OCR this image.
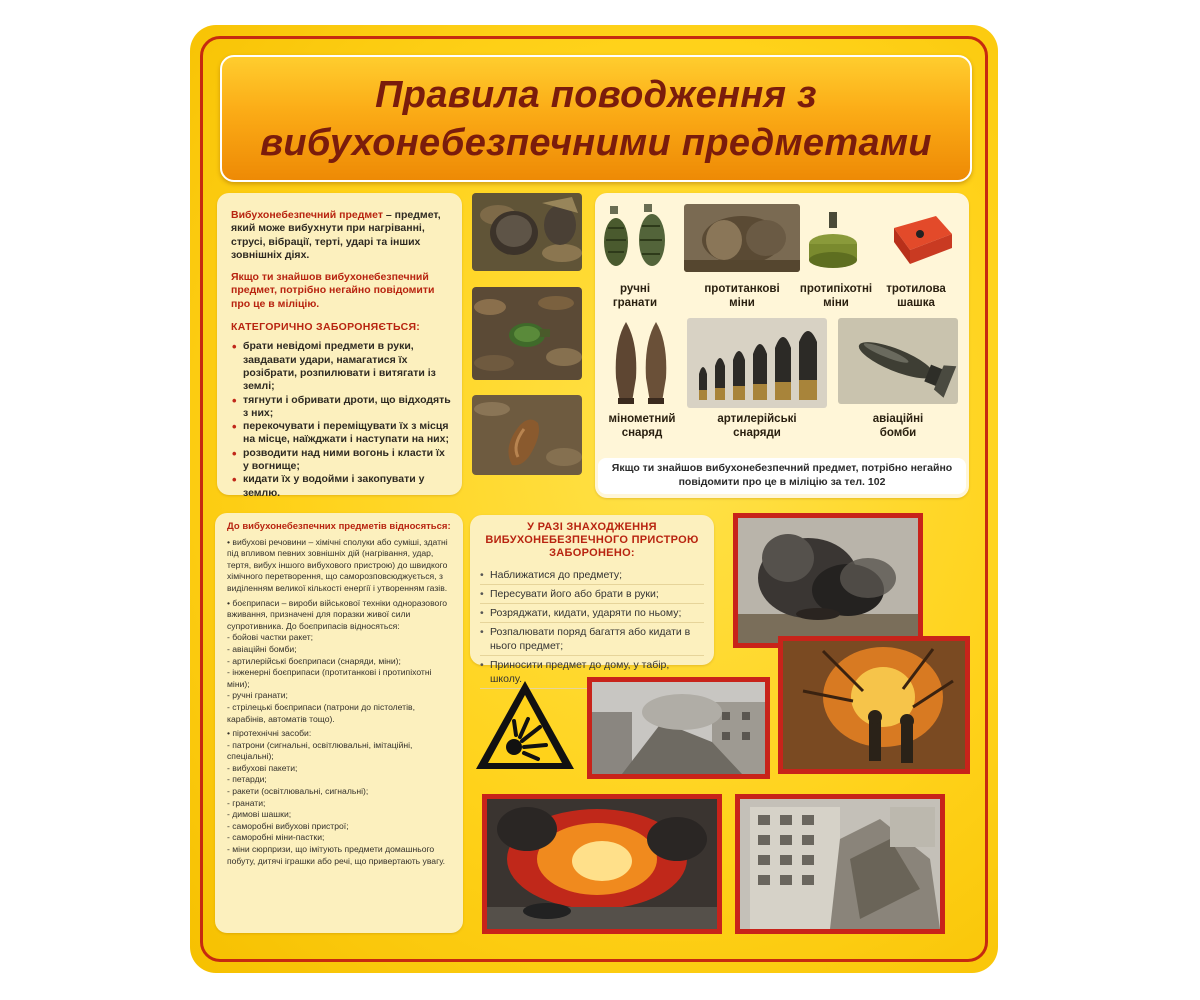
Правила поводження з
вибухонебезпечними предметами
Вибухонебезпечний предмет – предмет, який може вибухнути при нагріванні, струсі, вібрації, терті, ударі та інших зовнішніх діях.
Якщо ти знайшов вибухонебезпечний предмет, потрібно негайно повідомити про це в міліцію.
КАТЕГОРИЧНО ЗАБОРОНЯЄТЬСЯ:
• брати невідомі предмети в руки, завдавати удари, намагатися їх розібрати, розпилювати і витягати із землі;
• тягнути і обривати дроти, що відходять з них;
• перекочувати і переміщувати їх з місця на місце, наїжджати і наступати на них;
• розводити над ними вогонь і класти їх у вогнище;
• кидати їх у водойми і закопувати у землю.
ручні
гранати
протитанкові
міни
протипіхотні
міни
тротилова
шашка
мінометний
снаряд
артилерійські
снаряди
авіаційні
бомби
Якщо ти знайшов вибухонебезпечний предмет, потрібно негайно повідомити про це в міліцію за тел. 102
До вибухонебезпечних предметів відносяться:

• вибухові речовини – хімічні сполуки або суміші, здатні під впливом певних зовнішніх дій (нагрівання, удар, тертя, вибух іншого вибухового пристрою) до швидкого хімічного перетворення, що саморозповсюджується, з виділенням великої кількості енергії і утворенням газів.

• боєприпаси – вироби військової техніки одноразового вживання, призначені для поразки живої сили супротивника. До боєприпасів відносяться:

- бойові частки ракет;

- авіаційні бомби;

- артилерійські боєприпаси (снаряди, міни);

- інженерні боєприпаси (протитанкові і протипіхотні міни);

- ручні гранати;

- стрілецькі боєприпаси (патрони до пістолетів, карабінів, автоматів тощо).

• піротехнічні засоби:

- патрони (сигнальні, освітлювальні, імітаційні, спеціальні);

- вибухові пакети;

- петарди;

- ракети (освітлювальні, сигнальні);

- гранати;

- димові шашки;

- саморобні вибухові пристрої;

- саморобні міни-пастки;

- міни сюрпризи, що імітують предмети домашнього побуту, дитячі іграшки або речі, що привертають увагу.

У РАЗІ ЗНАХОДЖЕННЯ ВИБУХОНЕБЕЗПЕЧНОГО ПРИСТРОЮ ЗАБОРОНЕНО:
• Наближатися до предмету;
• Пересувати його або брати в руки;
• Розряджати, кидати, ударяти по ньому;
• Розпалювати поряд багаття або кидати в нього предмет;
• Приносити предмет до дому, у табір, школу.
